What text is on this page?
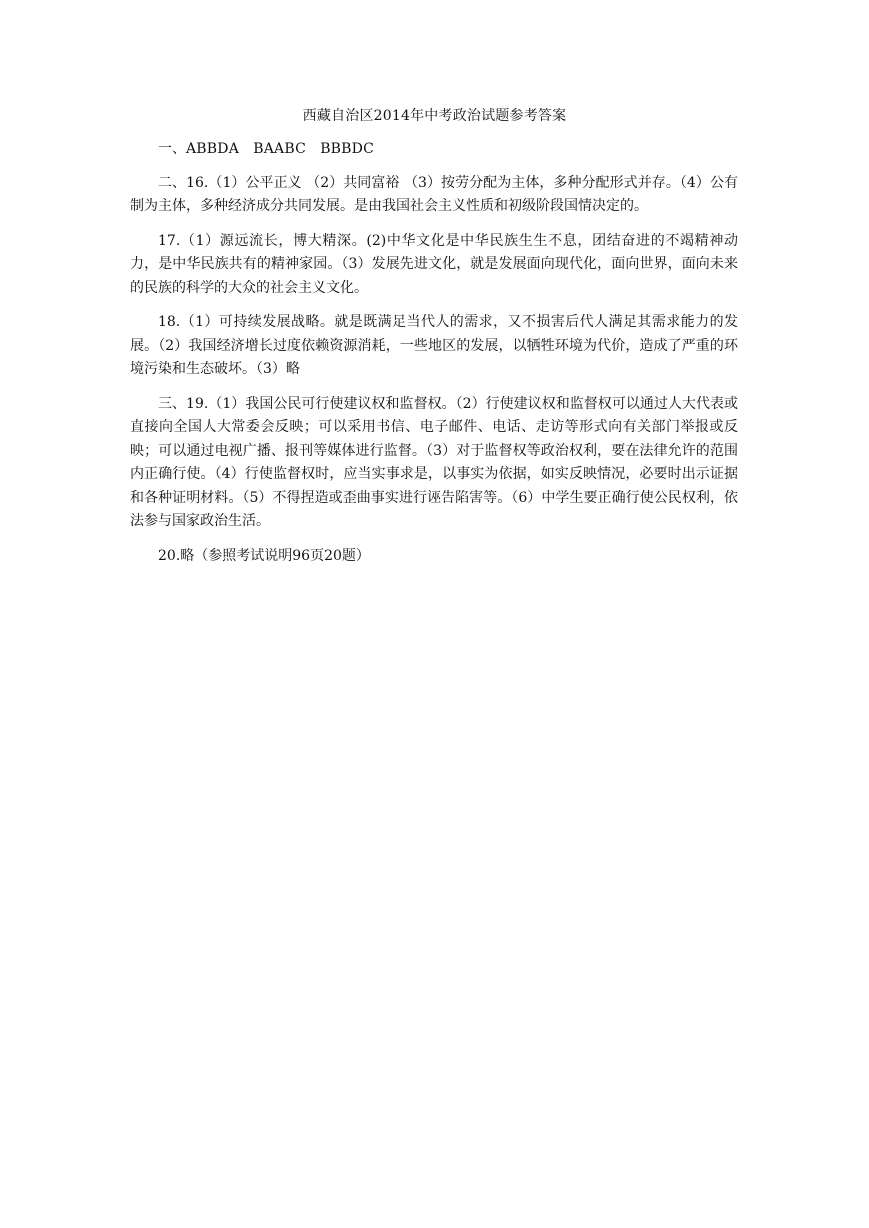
西藏自治区2014年中考政治试题参考答案

一、ABBDA　BAABC　BBBDC

二、16.（1）公平正义 （2）共同富裕 （3）按劳分配为主体，多种分配形式并存。（4）公有制为主体，多种经济成分共同发展。是由我国社会主义性质和初级阶段国情决定的。

17.（1）源远流长，博大精深。(2)中华文化是中华民族生生不息，团结奋进的不竭精神动力，是中华民族共有的精神家园。（3）发展先进文化，就是发展面向现代化，面向世界，面向未来的民族的科学的大众的社会主义文化。

18.（1）可持续发展战略。就是既满足当代人的需求，又不损害后代人满足其需求能力的发展。（2）我国经济增长过度依赖资源消耗，一些地区的发展，以牺牲环境为代价，造成了严重的环境污染和生态破坏。（3）略

三、19.（1）我国公民可行使建议权和监督权。（2）行使建议权和监督权可以通过人大代表或直接向全国人大常委会反映；可以采用书信、电子邮件、电话、走访等形式向有关部门举报或反映；可以通过电视广播、报刊等媒体进行监督。（3）对于监督权等政治权利，要在法律允许的范围内正确行使。（4）行使监督权时，应当实事求是，以事实为依据，如实反映情况，必要时出示证据和各种证明材料。（5）不得捏造或歪曲事实进行诬告陷害等。（6）中学生要正确行使公民权利，依法参与国家政治生活。

20.略（参照考试说明96页20题）
